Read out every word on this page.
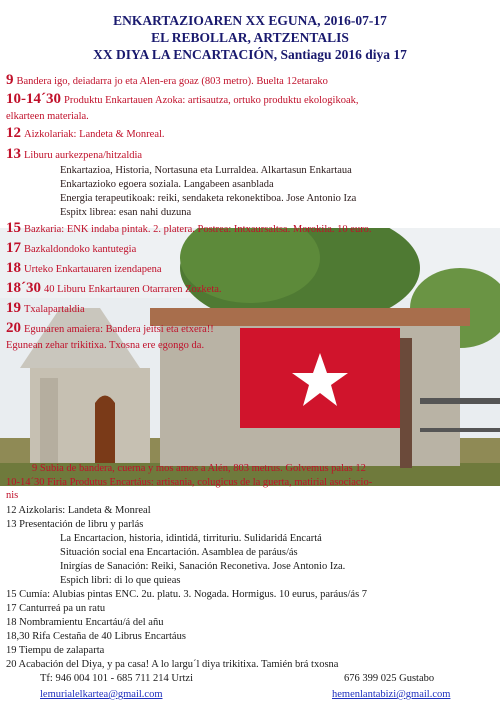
ENKARTAZIOAREN XX EGUNA, 2016-07-17
EL REBOLLAR, ARTZENTALIS
XX DIYA LA ENCARTACIÓN, Santiagu 2016 diya 17
9 Bandera igo, deiadarra jo eta Alen-era goaz (803 metro). Buelta 12etarako
10-14´30 Produktu Enkartauen Azoka: artisautza, ortuko produktu ekologikoak,
elkarteen materiala.
12 Aizkolariak: Landeta & Monreal.
13 Liburu aurkezpena/hitzaldia
Enkartazioa, Historia, Nortasuna eta Lurraldea. Alkartasun Enkartaua
Enkartazioko egoera soziala. Langabeen asanblada
Energia terapeutikoak: reiki, sendaketa rekonektiboa. Jose Antonio Iza
Espitx librea: esan nahi duzuna
15 Bazkaria: ENK indaba pintak. 2. platera. Postrea: Intxaursaltsa. Morokila. 10 euro.
17 Bazkaldondoko kantutegia
18 Urteko Enkartauaren izendapena
18´30 40 Liburu Enkartauren Otarraren Zozketa.
19 Txalapartaldia
20 Egunaren amaiera: Bandera jeitsi eta etxera!!
Egunean zehar trikitixa. Txosna ere egongo da.
9 Subia de bandera, cuerna y mos amos a Alén, 803 metrus. Golvemus palas 12
10-14´30 Firia Produtus Encartáus: artisania, colugicus de la guerta, matirial asociacio-
nis
12 Aizkolaris: Landeta & Monreal
13 Presentación de libru y parlás
La Encartacion, historia, idintidá, tirrituriu. Sulidaridá Encartá
Situación social ena Encartación. Asamblea de paráus/ás
Inirgías de Sanación: Reiki, Sanación Reconetiva. Jose Antonio Iza.
Espich libri: di lo que quieas
15 Cumía: Alubias pintas ENC. 2u. platu. 3. Nogada. Hormigus. 10 eurus, paráus/ás 7
17 Canturreá pa un ratu
18 Nombramientu Encartáu/á del añu
18,30 Rifa Cestaña de 40 Librus Encartáus
19 Tiempu de zalaparta
20 Acabación del Diya, y pa casa! A lo largu´l diya trikitixa. Tamién brá txosna
Tf: 946 004 101 - 685 711 214 Urtzi	676 399 025 Gustabo
lemurialelkartea@gmail.com	hemenlantabizi@gmail.com
